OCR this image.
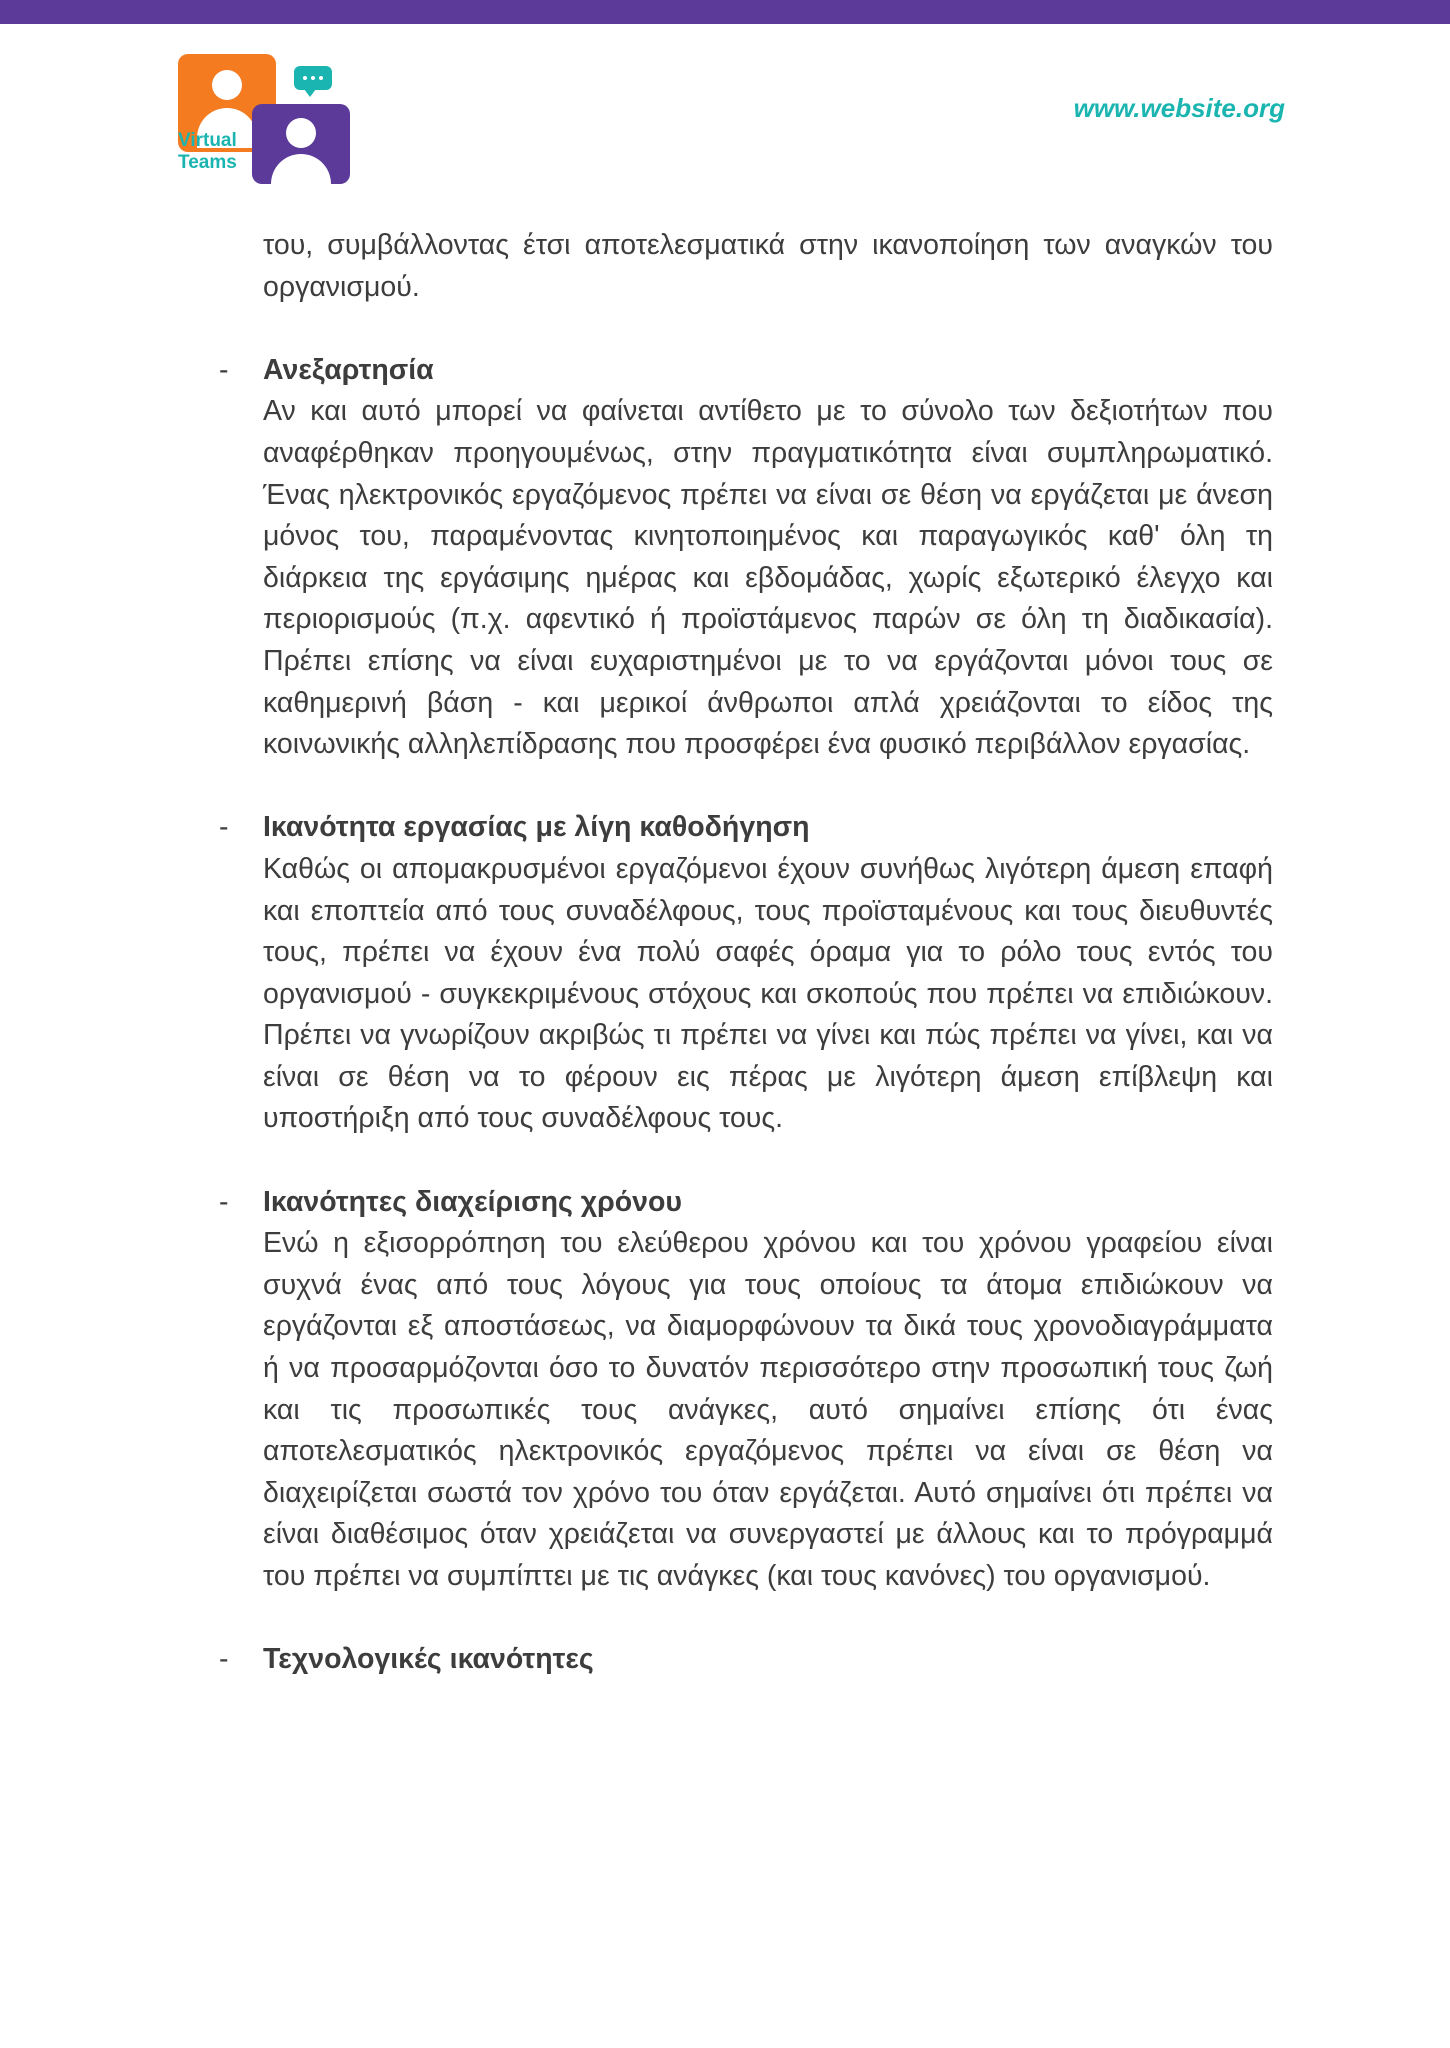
Virtual
Teams
www.website.org

του, συμβάλλοντας έτσι αποτελεσματικά στην ικανοποίηση των αναγκών του οργανισμού.

-	Ανεξαρτησία

Αν και αυτό μπορεί να φαίνεται αντίθετο με το σύνολο των δεξιοτήτων που αναφέρθηκαν προηγουμένως, στην πραγματικότητα είναι συμπληρωματικό. Ένας ηλεκτρονικός εργαζόμενος πρέπει να είναι σε θέση να εργάζεται με άνεση μόνος του, παραμένοντας κινητοποιημένος και παραγωγικός καθ' όλη τη διάρκεια της εργάσιμης ημέρας και εβδομάδας, χωρίς εξωτερικό έλεγχο και περιορισμούς (π.χ. αφεντικό ή προϊστάμενος παρών σε όλη τη διαδικασία). Πρέπει επίσης να είναι ευχαριστημένοι με το να εργάζονται μόνοι τους σε καθημερινή βάση - και μερικοί άνθρωποι απλά χρειάζονται το είδος της κοινωνικής αλληλεπίδρασης που προσφέρει ένα φυσικό περιβάλλον εργασίας.

-	Ικανότητα εργασίας με λίγη καθοδήγηση

Καθώς οι απομακρυσμένοι εργαζόμενοι έχουν συνήθως λιγότερη άμεση επαφή και εποπτεία από τους συναδέλφους, τους προϊσταμένους και τους διευθυντές τους, πρέπει να έχουν ένα πολύ σαφές όραμα για το ρόλο τους εντός του οργανισμού - συγκεκριμένους στόχους και σκοπούς που πρέπει να επιδιώκουν. Πρέπει να γνωρίζουν ακριβώς τι πρέπει να γίνει και πώς πρέπει να γίνει, και να είναι σε θέση να το φέρουν εις πέρας με λιγότερη άμεση επίβλεψη και υποστήριξη από τους συναδέλφους τους.

-	Ικανότητες διαχείρισης χρόνου

Ενώ η εξισορρόπηση του ελεύθερου χρόνου και του χρόνου γραφείου είναι συχνά ένας από τους λόγους για τους οποίους τα άτομα επιδιώκουν να εργάζονται εξ αποστάσεως, να διαμορφώνουν τα δικά τους χρονοδιαγράμματα ή να προσαρμόζονται όσο το δυνατόν περισσότερο στην προσωπική τους ζωή και τις προσωπικές τους ανάγκες, αυτό σημαίνει επίσης ότι ένας αποτελεσματικός ηλεκτρονικός εργαζόμενος πρέπει να είναι σε θέση να διαχειρίζεται σωστά τον χρόνο του όταν εργάζεται. Αυτό σημαίνει ότι πρέπει να είναι διαθέσιμος όταν χρειάζεται να συνεργαστεί με άλλους και το πρόγραμμά του πρέπει να συμπίπτει με τις ανάγκες (και τους κανόνες) του οργανισμού.

-	Τεχνολογικές ικανότητες
